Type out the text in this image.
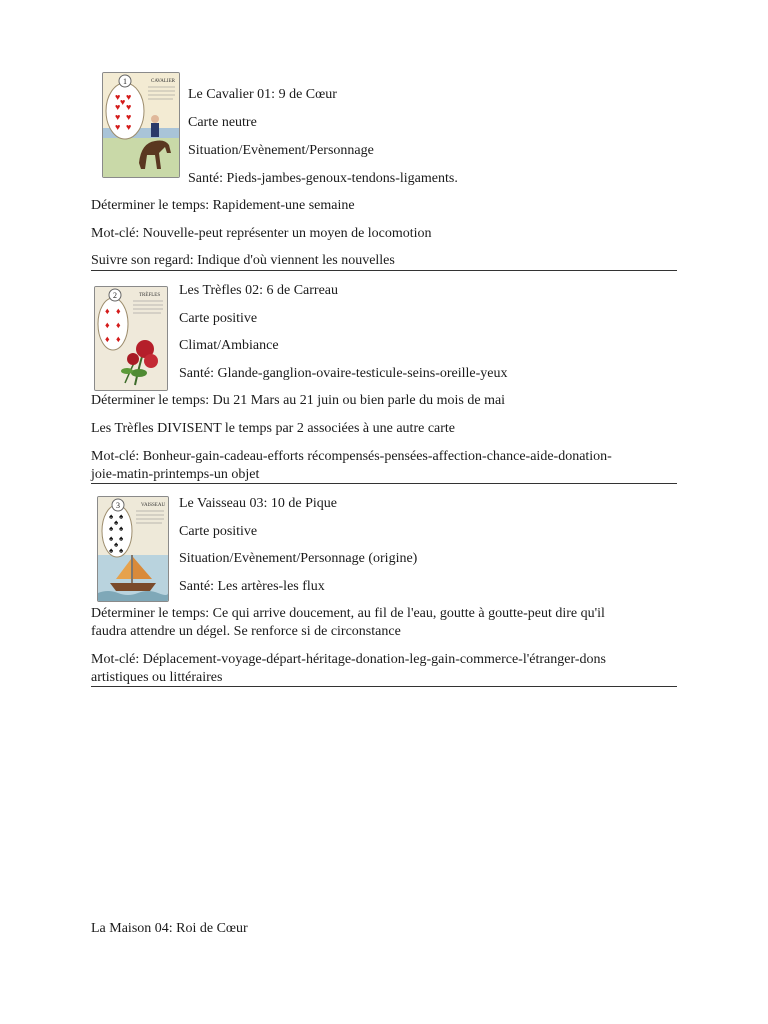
1	CAVALIER
♥ ♥
♥ ♥
♥
♥ ♥
♥ ♥
Le Cavalier 01: 9 de Cœur
Carte neutre
Situation/Evènement/Personnage
Santé: Pieds-jambes-genoux-tendons-ligaments.
Déterminer le temps: Rapidement-une semaine
Mot-clé: Nouvelle-peut représenter un moyen de locomotion
Suivre son regard: Indique d'où viennent les nouvelles
2	TRÈFLES
♦ ♦
♦ ♦
♦ ♦
Les Trèfles 02: 6 de Carreau
Carte positive
Climat/Ambiance
Santé: Glande-ganglion-ovaire-testicule-seins-oreille-yeux
Déterminer le temps: Du 21 Mars au 21 juin ou bien parle du mois de mai
Les Trèfles DIVISENT le temps par 2 associées à une autre carte
Mot-clé: Bonheur-gain-cadeau-efforts récompensés-pensées-affection-chance-aide-donation-
joie-matin-printemps-un objet
3	VAISSEAU
♠ ♠
♠
♠ ♠
♠ ♠
♠
♠ ♠
Le Vaisseau 03: 10 de Pique
Carte positive
Situation/Evènement/Personnage (origine)
Santé: Les artères-les flux
Déterminer le temps: Ce qui arrive doucement, au fil de l'eau, goutte à goutte-peut dire qu'il
faudra attendre un dégel. Se renforce si de circonstance
Mot-clé: Déplacement-voyage-départ-héritage-donation-leg-gain-commerce-l'étranger-dons
artistiques ou littéraires
La Maison 04: Roi de Cœur
